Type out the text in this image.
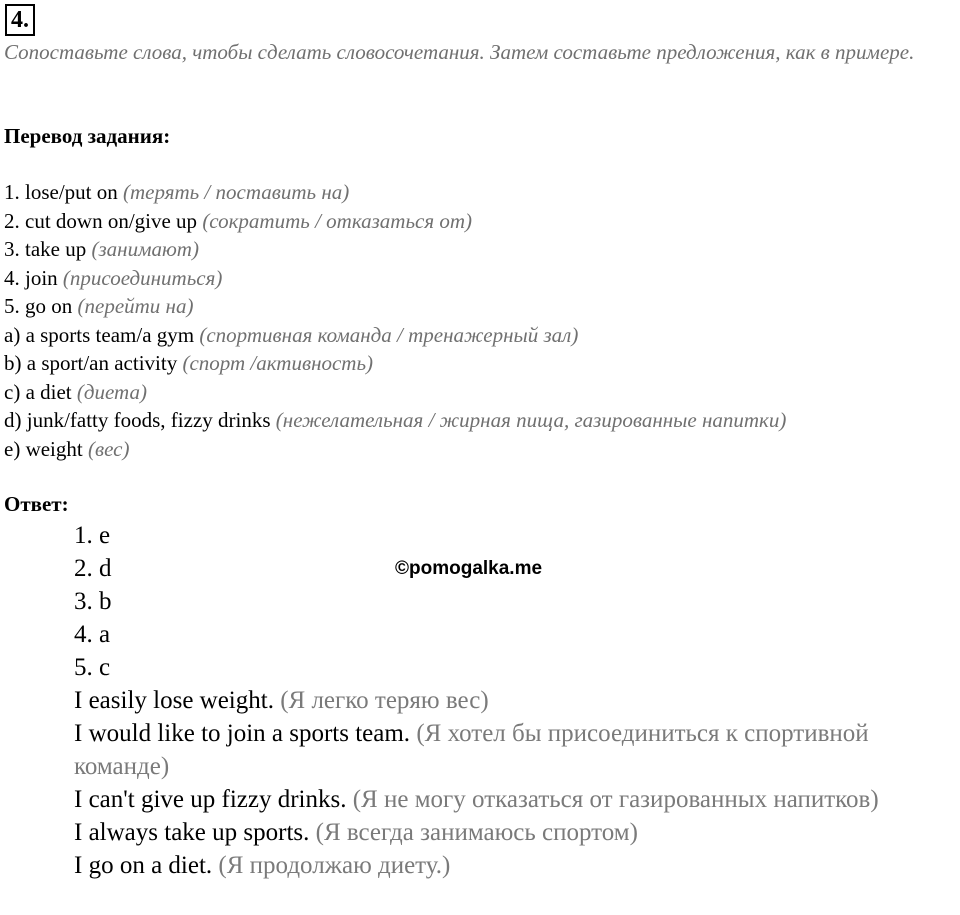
4.

Сопоставьте слова, чтобы сделать словосочетания. Затем составьте предложения, как в примере.

Перевод задания:

1. lose/put on (терять / поставить на)
2. cut down on/give up (сократить / отказаться от)
3. take up (занимают)
4. join (присоединиться)
5. go on (перейти на)
a) a sports team/a gym (спортивная команда / тренажерный зал)
b) a sport/an activity (спорт /активность)
c) a diet (диета)
d) junk/fatty foods, fizzy drinks (нежелательная / жирная пища, газированные напитки)
e) weight (вес)

Ответ:

©pomogalka.me
1. e
2. d
3. b
4. a
5. c
I easily lose weight. (Я легко теряю вес)
I would like to join a sports team. (Я хотел бы присоединиться к спортивной команде)
I can't give up fizzy drinks. (Я не могу отказаться от газированных напитков)
I always take up sports. (Я всегда занимаюсь спортом)
I go on a diet. (Я продолжаю диету.)
